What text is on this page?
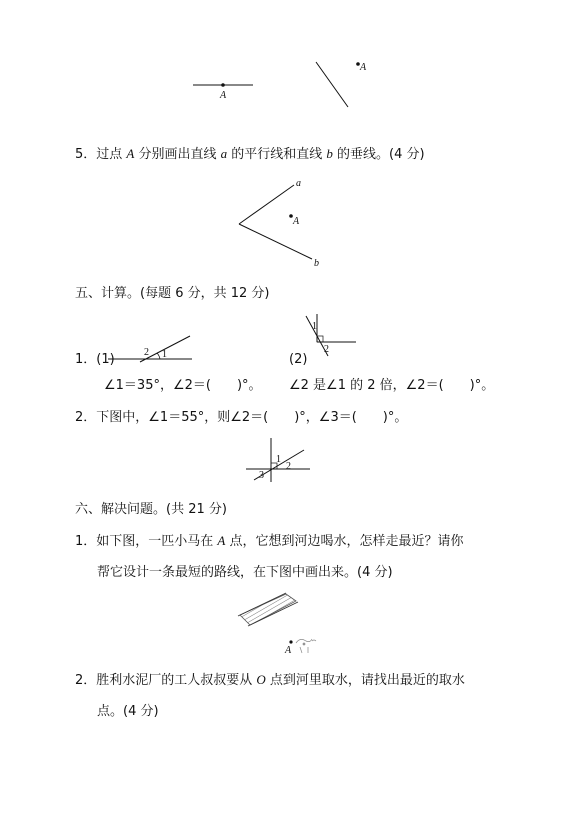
A
A
5．过点 A 分别画出直线 a 的平行线和直线 b 的垂线。(4 分)
a
b
A
五、计算。(每题 6 分，共 12 分)
1．(1)	1
2	(2)
1
2
∠1＝35°，∠2＝(　　)°。 ∠2 是∠1 的 2 倍，∠2＝(　　)°。
2．下图中，∠1＝55°，则∠2＝(　　)°，∠3＝(　　)°。
1
2
3
六、解决问题。(共 21 分)
1．如下图，一匹小马在 A 点，它想到河边喝水，怎样走最近？请你
帮它设计一条最短的路线，在下图中画出来。(4 分)
A
2．胜利水泥厂的工人叔叔要从 O 点到河里取水，请找出最近的取水
点。(4 分)
